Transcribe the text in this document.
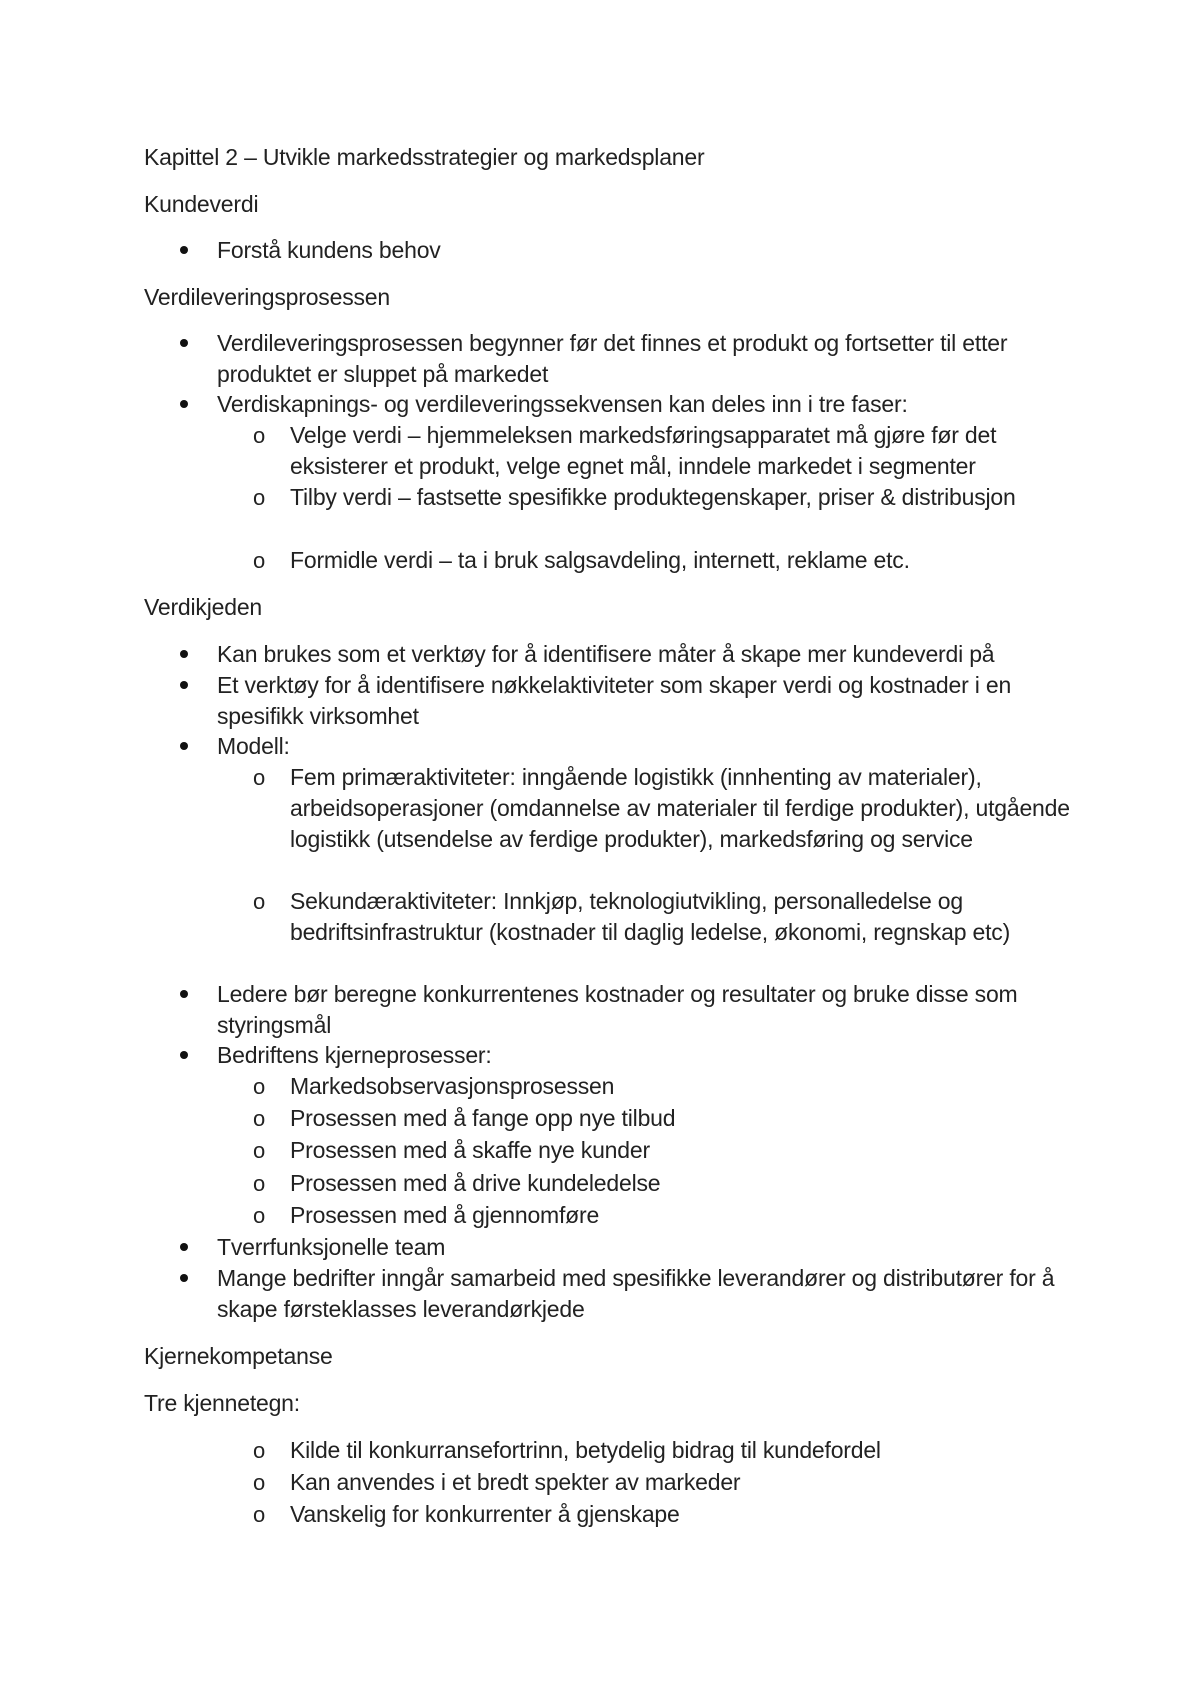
Kapittel 2 – Utvikle markedsstrategier og markedsplaner
Kundeverdi
Forstå kundens behov
Verdileveringsprosessen
Verdileveringsprosessen begynner før det finnes et produkt og fortsetter til etter produktet er sluppet på markedet
Verdiskapnings- og verdileveringssekvensen kan deles inn i tre faser:
o Velge verdi – hjemmeleksen markedsføringsapparatet må gjøre før det eksisterer et produkt, velge egnet mål, inndele markedet i segmenter
o Tilby verdi – fastsette spesifikke produktegenskaper, priser & distribusjon
o Formidle verdi – ta i bruk salgsavdeling, internett, reklame etc.
Verdikjeden
Kan brukes som et verktøy for å identifisere måter å skape mer kundeverdi på
Et verktøy for å identifisere nøkkelaktiviteter som skaper verdi og kostnader i en spesifikk virksomhet
Modell:
o Fem primæraktiviteter: inngående logistikk (innhenting av materialer), arbeidsoperasjoner (omdannelse av materialer til ferdige produkter), utgående logistikk (utsendelse av ferdige produkter), markedsføring og service
o Sekundæraktiviteter: Innkjøp, teknologiutvikling, personalledelse og bedriftsinfrastruktur (kostnader til daglig ledelse, økonomi, regnskap etc)
Ledere bør beregne konkurrentenes kostnader og resultater og bruke disse som styringsmål
Bedriftens kjerneprosesser:
o Markedsobservasjonsprosessen
o Prosessen med å fange opp nye tilbud
o Prosessen med å skaffe nye kunder
o Prosessen med å drive kundeledelse
o Prosessen med å gjennomføre
Tverrfunksjonelle team
Mange bedrifter inngår samarbeid med spesifikke leverandører og distributører for å skape førsteklasses leverandørkjede
Kjernekompetanse
Tre kjennetegn:
o Kilde til konkurransefortrinn, betydelig bidrag til kundefordel
o Kan anvendes i et bredt spekter av markeder
o Vanskelig for konkurrenter å gjenskape
